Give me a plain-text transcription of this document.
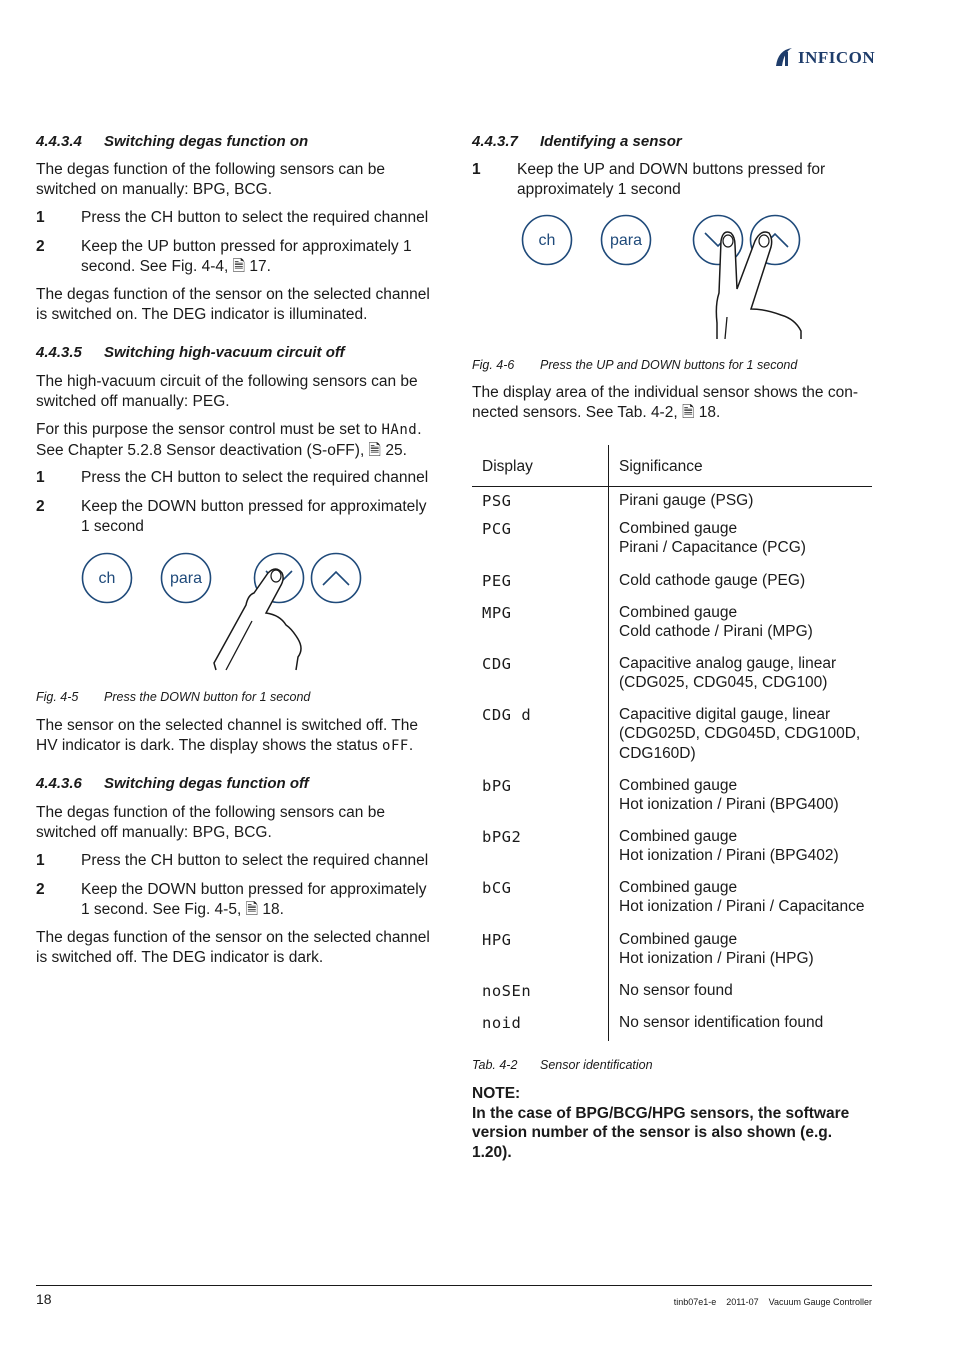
INFICON
4.4.3.4 Switching degas function on
The degas function of the following sensors can be
switched on manually: BPG, BCG.
1 Press the CH button to select the required channel
2 Keep the UP button pressed for approximately 1
second. See Fig. 4-4, 🗎 17.
The degas function of the sensor on the selected channel
is switched on. The DEG indicator is illuminated.
4.4.3.5 Switching high-vacuum circuit off
The high-vacuum circuit of the following sensors can be
switched off manually: PEG.
For this purpose the sensor control must be set to HAnd.
See Chapter 5.2.8 Sensor deactivation (S-oFF), 🗎 25.
1 Press the CH button to select the required channel
2 Keep the DOWN button pressed for approximately
1 second
ch	para
Fig. 4-5 Press the DOWN button for 1 second
The sensor on the selected channel is switched off. The
HV indicator is dark. The display shows the status oFF.
4.4.3.6 Switching degas function off
The degas function of the following sensors can be
switched off manually: BPG, BCG.
1 Press the CH button to select the required channel
2 Keep the DOWN button pressed for approximately
1 second. See Fig. 4-5, 🗎 18.
The degas function of the sensor on the selected channel
is switched off. The DEG indicator is dark.
4.4.3.7 Identifying a sensor
1 Keep the UP and DOWN buttons pressed for
approximately 1 second
ch	para
Fig. 4-6 Press the UP and DOWN buttons for 1 second
The display area of the individual sensor shows the con-
nected sensors. See Tab. 4-2, 🗎 18.
Display	Significance
PSG	Pirani gauge (PSG)

PCG	Combined gauge
Pirani / Capacitance (PCG)

PEG	Cold cathode gauge (PEG)

MPG	Combined gauge
Cold cathode / Pirani (MPG)

CDG	Capacitive analog gauge, linear
(CDG025, CDG045, CDG100)

CDG d	Capacitive digital gauge, linear
(CDG025D, CDG045D, CDG100D,
CDG160D)

bPG	Combined gauge
Hot ionization / Pirani (BPG400)

bPG2	Combined gauge
Hot ionization / Pirani (BPG402)

bCG	Combined gauge
Hot ionization / Pirani / Capacitance

HPG	Combined gauge
Hot ionization / Pirani (HPG)

noSEn	No sensor found

noid	No sensor identification found
Tab. 4-2 Sensor identification
NOTE:
In the case of BPG/BCG/HPG sensors, the software
version number of the sensor is also shown (e.g.
1.20).
18	tinb07e1-e    2011-07    Vacuum Gauge Controller
